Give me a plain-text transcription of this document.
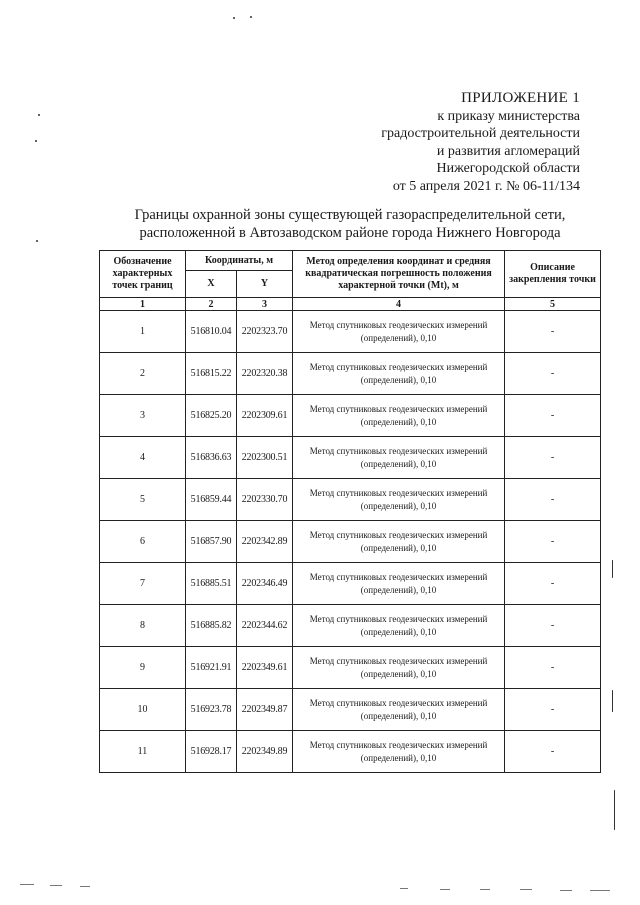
ПРИЛОЖЕНИЕ 1
к приказу министерства
градостроительной деятельности
и развития агломераций
Нижегородской области
от 5 апреля 2021 г. № 06-11/134
Границы охранной зоны существующей газораспределительной сети,
расположенной в Автозаводском районе города Нижнего Новгорода
Обозначение характерных точек границ	Координаты, м		Метод определения координат и средняя квадратическая погрешность положения характерной точки (Mt), м	Описание закрепления точки
	X	Y		
1	2	3	4	5
1	516810.04	2202323.70	Метод спутниковых геодезических измерений (определений), 0,10	-
2	516815.22	2202320.38	Метод спутниковых геодезических измерений (определений), 0,10	-
3	516825.20	2202309.61	Метод спутниковых геодезических измерений (определений), 0,10	-
4	516836.63	2202300.51	Метод спутниковых геодезических измерений (определений), 0,10	-
5	516859.44	2202330.70	Метод спутниковых геодезических измерений (определений), 0,10	-
6	516857.90	2202342.89	Метод спутниковых геодезических измерений (определений), 0,10	-
7	516885.51	2202346.49	Метод спутниковых геодезических измерений (определений), 0,10	-
8	516885.82	2202344.62	Метод спутниковых геодезических измерений (определений), 0,10	-
9	516921.91	2202349.61	Метод спутниковых геодезических измерений (определений), 0,10	-
10	516923.78	2202349.87	Метод спутниковых геодезических измерений (определений), 0,10	-
11	516928.17	2202349.89	Метод спутниковых геодезических измерений (определений), 0,10	-
